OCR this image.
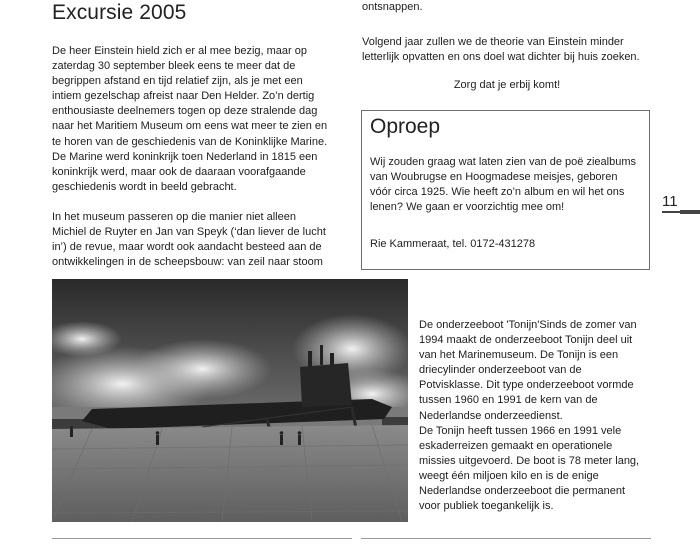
Excursie 2005
De heer Einstein hield zich er al mee bezig, maar op
zaterdag 30 september bleek eens te meer dat de
begrippen afstand en tijd relatief zijn, als je met een
intiem gezelschap afreist naar Den Helder. Zo’n dertig
enthousiaste deelnemers togen op deze stralende dag
naar het Maritiem Museum om eens wat meer te zien en
te horen van de geschiedenis van de Koninklijke Marine.
De Marine werd koninkrijk toen Nederland in 1815 een
koninkrijk werd, maar ook de daaraan voorafgaande
geschiedenis wordt in beeld gebracht.
In het museum passeren op die manier niet alleen
Michiel de Ruyter en Jan van Speyk (‘dan liever de lucht
in’) de revue, maar wordt ook aandacht besteed aan de
ontwikkelingen in de scheepsbouw: van zeil naar stoom
ontsnappen.
Volgend jaar zullen we de theorie van Einstein minder
letterlijk opvatten en ons doel wat dichter bij huis zoeken.
Zorg dat je erbij komt!
Oproep
Wij zouden graag wat laten zien van de poë ziealbums
van Woubrugse en Hoogmadese meisjes, geboren
vóór circa 1925. Wie heeft zo’n album en wil het ons
lenen? We gaan er voorzichtig mee om!
Rie Kammeraat, tel. 0172-431278
11
De onderzeeboot 'Tonijn'Sinds de zomer van
1994 maakt de onderzeeboot Tonijn deel uit
van het Marinemuseum. De Tonijn is een
driecylinder onderzeeboot van de
Potvisklasse. Dit type onderzeeboot vormde
tussen 1960 en 1991 de kern van de
Nederlandse onderzeedienst.
De Tonijn heeft tussen 1966 en 1991 vele
eskaderreizen gemaakt en operationele
missies uitgevoerd. De boot is 78 meter lang,
weegt één miljoen kilo en is de enige
Nederlandse onderzeeboot die permanent
voor publiek toegankelijk is.
